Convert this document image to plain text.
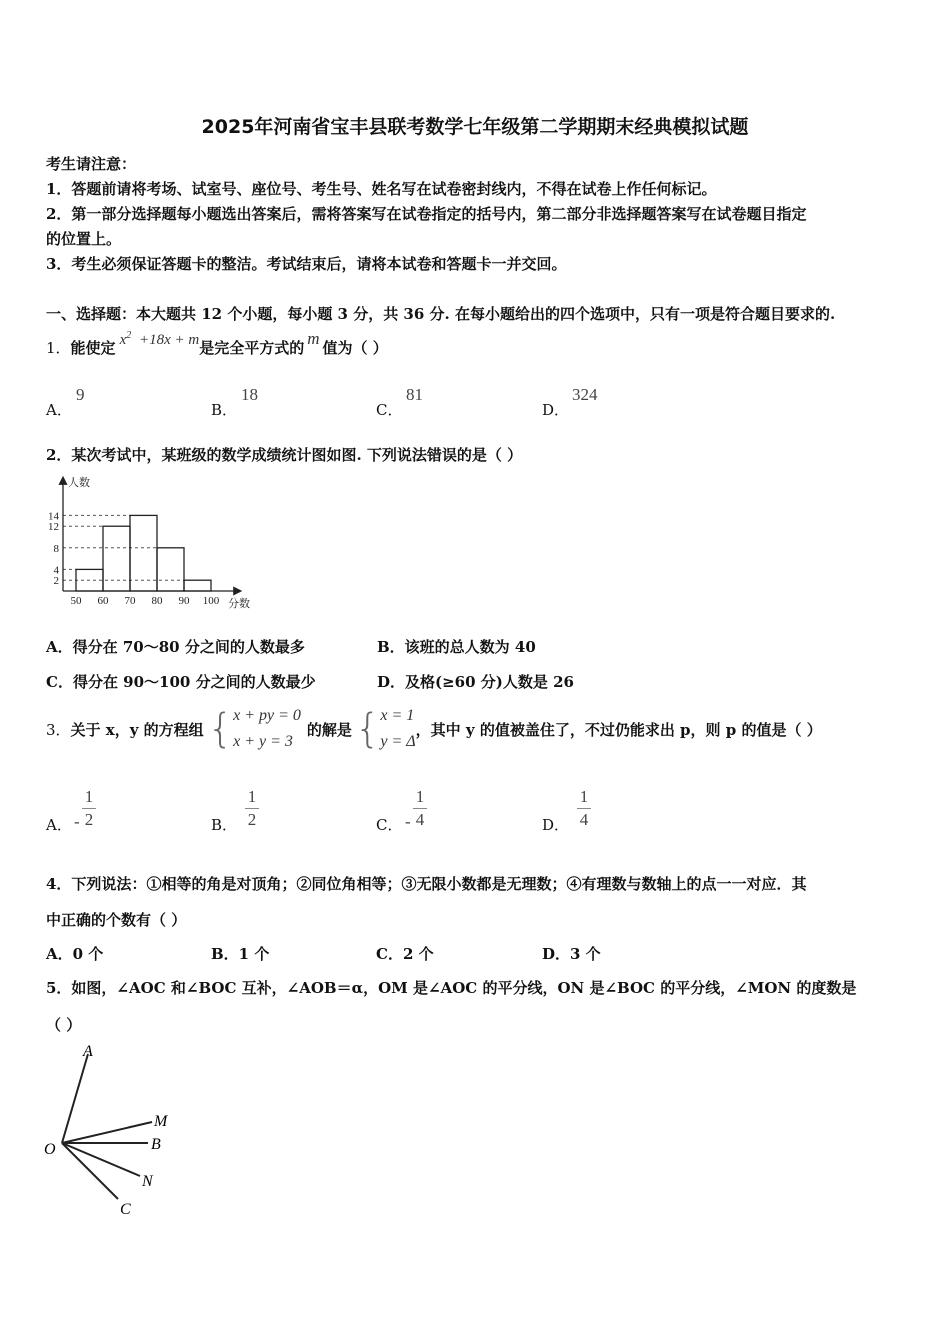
2025年河南省宝丰县联考数学七年级第二学期期末经典模拟试题
考生请注意：
1．答题前请将考场、试室号、座位号、考生号、姓名写在试卷密封线内，不得在试卷上作任何标记。
2．第一部分选择题每小题选出答案后，需将答案写在试卷指定的括号内，第二部分非选择题答案写在试卷题目指定
的位置上。
3．考生必须保证答题卡的整洁。考试结束后，请将本试卷和答题卡一并交回。
一、选择题：本大题共 12 个小题，每小题 3 分，共 36 分. 在每小题给出的四个选项中，只有一项是符合题目要求的.
1． 能使定 $x^2 +18x + m$ 是完全平方式的 m 值为（ ）
A．
9
B．
18
C．
81
D．
324
2．某次考试中，某班级的数学成绩统计图如图. 下列说法错误的是（ ）
2
4
8
12
14
50 60 70 80 90 100
人数
分数
A．得分在 70～80 分之间的人数最多	B．该班的总人数为 40
C．得分在 90～100 分之间的人数最少	D．及格(≥60 分)人数是 26
3． 关于 x，y 的方程组 { x + py = 0
x + y = 3
的解是 { x = 1
y = Δ
，其中 y 的值被盖住了，不过仍能求出 p，则 p 的值是（ ）
A． -
1
2	B．
1
2	C． -
1
4	D．
1
4
4．下列说法：①相等的角是对顶角；②同位角相等；③无限小数都是无理数；④有理数与数轴上的点一一对应．其
中正确的个数有（ ）
A．0 个	B．1 个	C．2 个	D．3 个
5．如图，∠AOC 和∠BOC 互补，∠AOB＝α，OM 是∠AOC 的平分线，ON 是∠BOC 的平分线，∠MON 的度数是
（ ）
A
M
B
O
N
C
